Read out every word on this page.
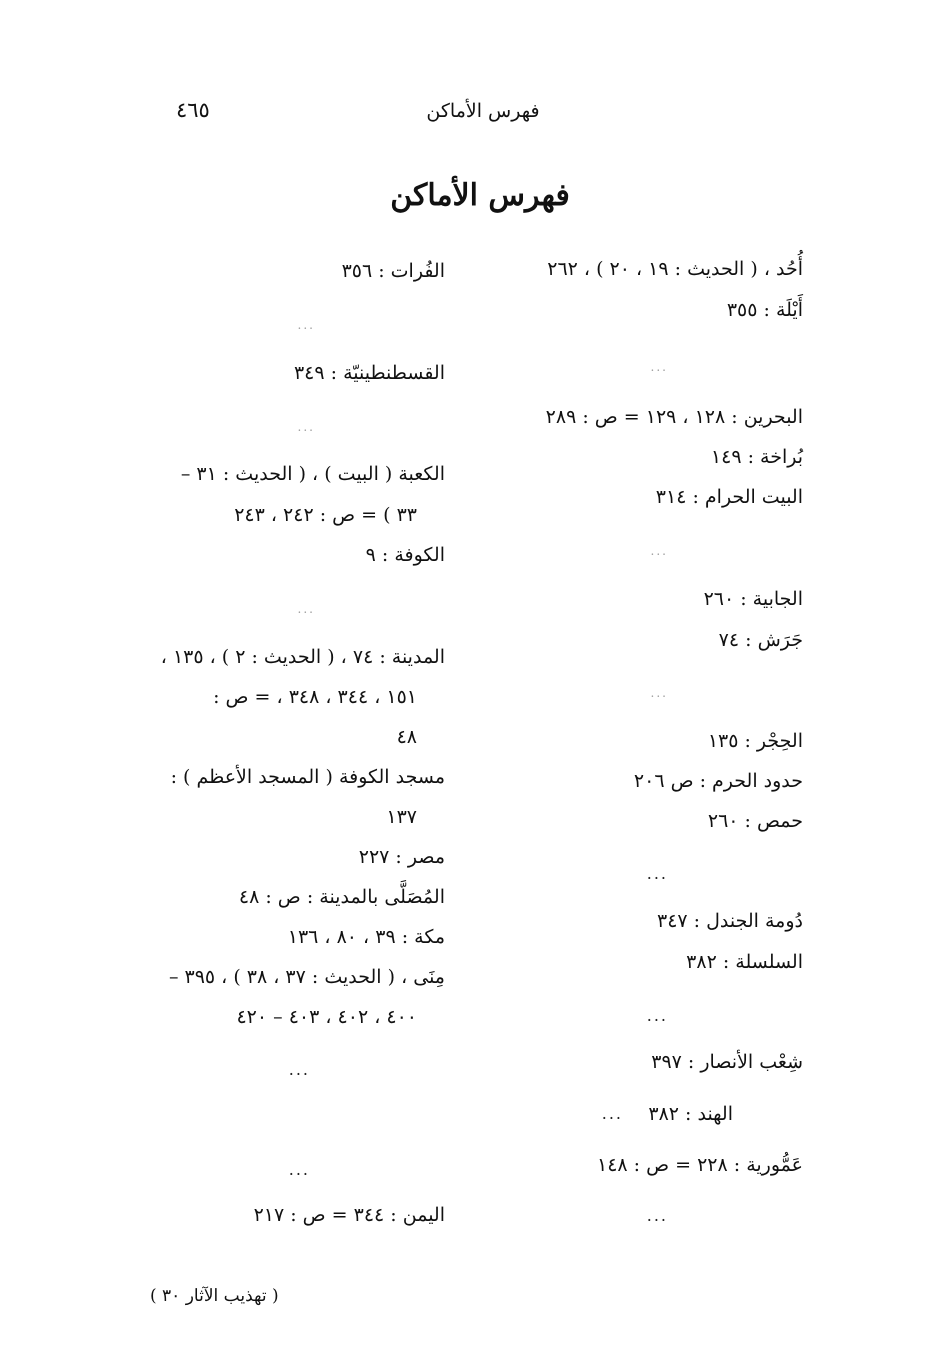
٤٦٥	فهرس الأماكن
فهرس الأماكن
أُحُد ، ( الحديث : ١٩ ، ٢٠ ) ، ٢٦٢
أَيْلَة : ٣٥٥
...
البحرين : ١٢٨ ، ١٢٩ = ص : ٢٨٩
بُراخة : ١٤٩
البيت الحرام : ٣١٤
...
الجابية : ٢٦٠
جَرَش : ٧٤
...
الحِجْر : ١٣٥
حدود الحرم : ص ٢٠٦
حمص : ٢٦٠
...
دُومة الجندل : ٣٤٧
السلسلة : ٣٨٢
...
شِعْب الأنصار : ٣٩٧
الهند : ٣٨٢
...
عَمُّورية : ٢٢٨ = ص : ١٤٨
...
الفُرات : ٣٥٦
...
القسطنطينيّة : ٣٤٩
...
الكعبة ( البيت ) ، ( الحديث : ٣١ –
٣٣ ) = ص : ٢٤٢ ، ٢٤٣
الكوفة : ٩
...
المدينة : ٧٤ ، ( الحديث : ٢ ) ، ١٣٥ ،
١٥١ ، ٣٤٤ ، ٣٤٨ ، = ص :
٤٨
مسجد الكوفة ( المسجد الأعظم ) :
١٣٧
مصر : ٢٢٧
المُصَلَّى بالمدينة : ص : ٤٨
مكة : ٣٩ ، ٨٠ ، ١٣٦
مِنَى ، ( الحديث : ٣٧ ، ٣٨ ) ، ٣٩٥ –
٤٠٠ ، ٤٠٢ ، ٤٠٣ – ٤٢٠
...
...
اليمن : ٣٤٤ = ص : ٢١٧
( تهذيب الآثار ٣٠ )
